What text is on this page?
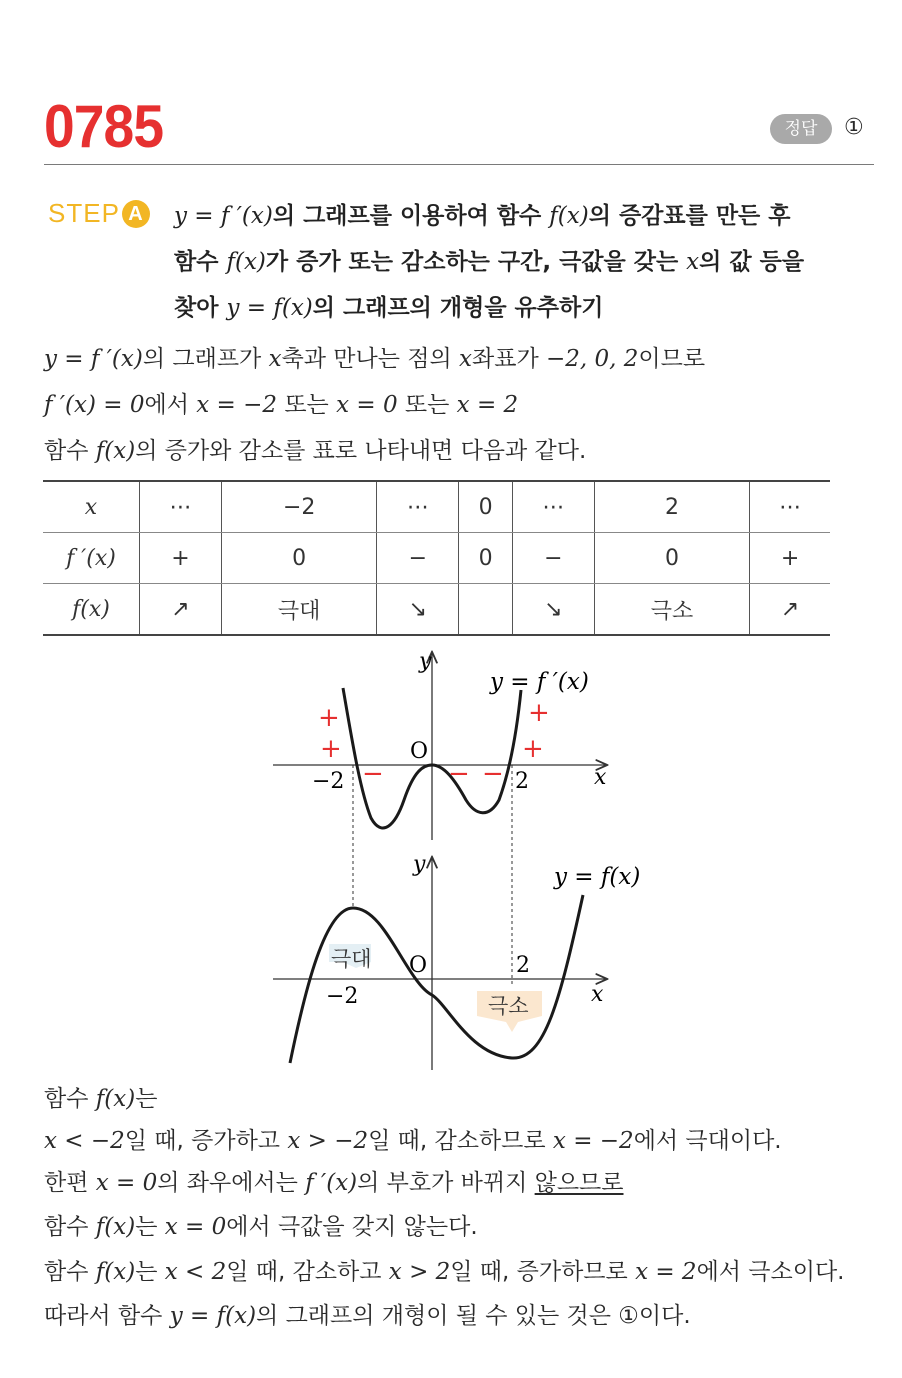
0785	정답	①
STEP A y = f ′(x)의 그래프를 이용하여 함수 f(x)의 증감표를 만든 후
함수 f(x)가 증가 또는 감소하는 구간, 극값을 갖는 x의 값 등을
찾아 y = f(x)의 그래프의 개형을 유추하기
y = f ′(x)의 그래프가 x축과 만나는 점의 x좌표가 −2, 0, 2이므로
f ′(x) = 0에서 x = −2 또는 x = 0 또는 x = 2
함수 f(x)의 증가와 감소를 표로 나타내면 다음과 같다.
x	⋯	−2	⋯	0	⋯	2	⋯
f ′(x)	+	0	−	0	−	0	+
f(x)	↗	극대	↘		↘	극소	↗
y
x
O
−2	2
y = f ′(x)
+
+
+
+
− − −
극대
극소
y
x
O
−2
2
y = f(x)
함수 f(x)는
x < −2일 때, 증가하고 x > −2일 때, 감소하므로 x = −2에서 극대이다.
한편 x = 0의 좌우에서는 f ′(x)의 부호가 바뀌지 않으므로
함수 f(x)는 x = 0에서 극값을 갖지 않는다.
함수 f(x)는 x < 2일 때, 감소하고 x > 2일 때, 증가하므로 x = 2에서 극소이다.
따라서 함수 y = f(x)의 그래프의 개형이 될 수 있는 것은 ①이다.
